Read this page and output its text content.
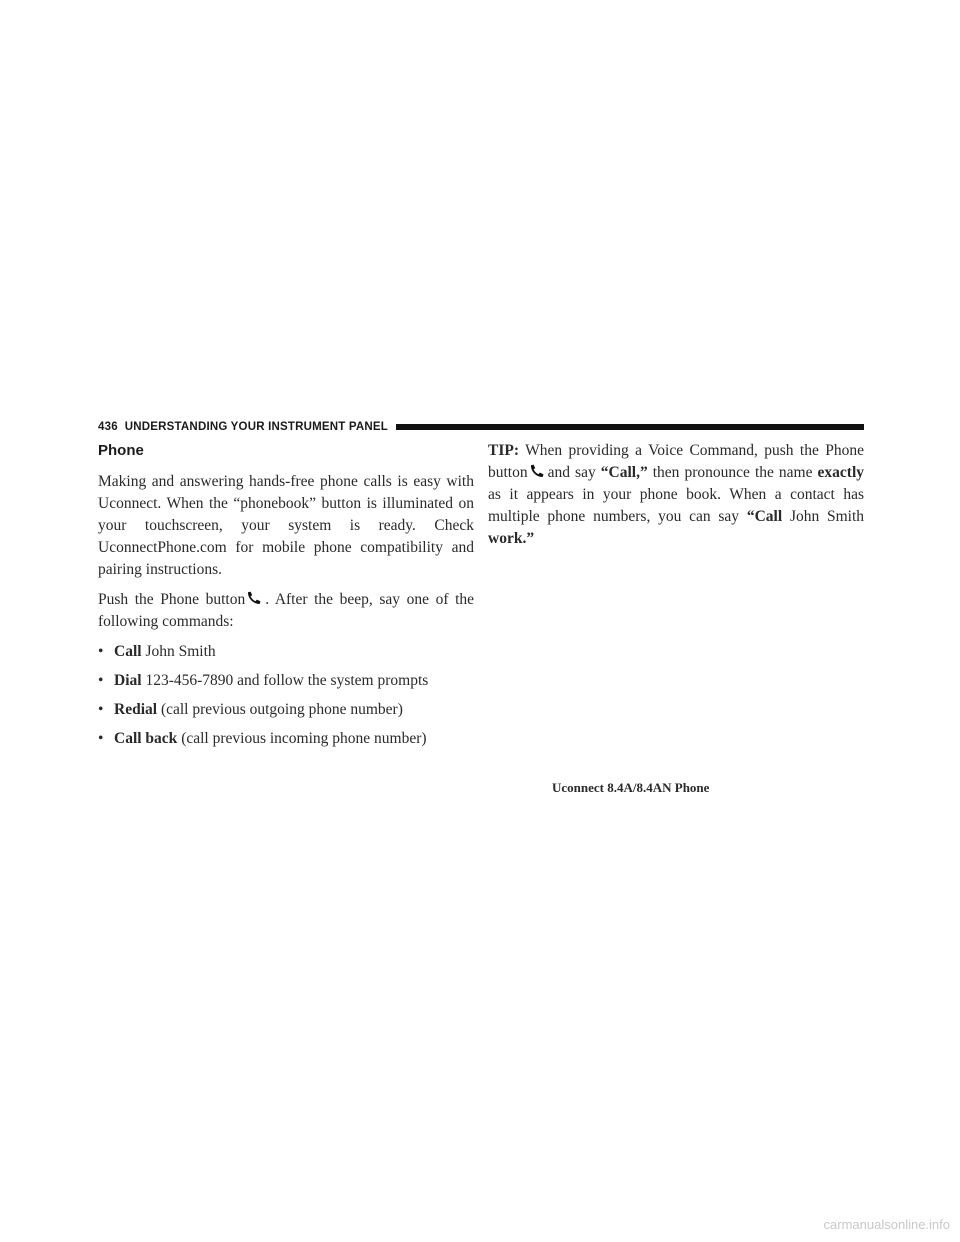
436 UNDERSTANDING YOUR INSTRUMENT PANEL
Phone

Making and answering hands-free phone calls is easy with Uconnect. When the “phonebook” button is illuminated on your touchscreen, your system is ready. Check UconnectPhone.com for mobile phone compatibility and pairing instructions.

Push the Phone button . After the beep, say one of the following commands:

• Call John Smith
• Dial 123-456-7890 and follow the system prompts
• Redial (call previous outgoing phone number)
• Call back (call previous incoming phone number)

TIP: When providing a Voice Command, push the Phone button and say “Call,” then pronounce the name exactly as it appears in your phone book. When a contact has multiple phone numbers, you can say “Call John Smith work.”

Uconnect 8.4A/8.4AN Phone
carmanualsonline.info
